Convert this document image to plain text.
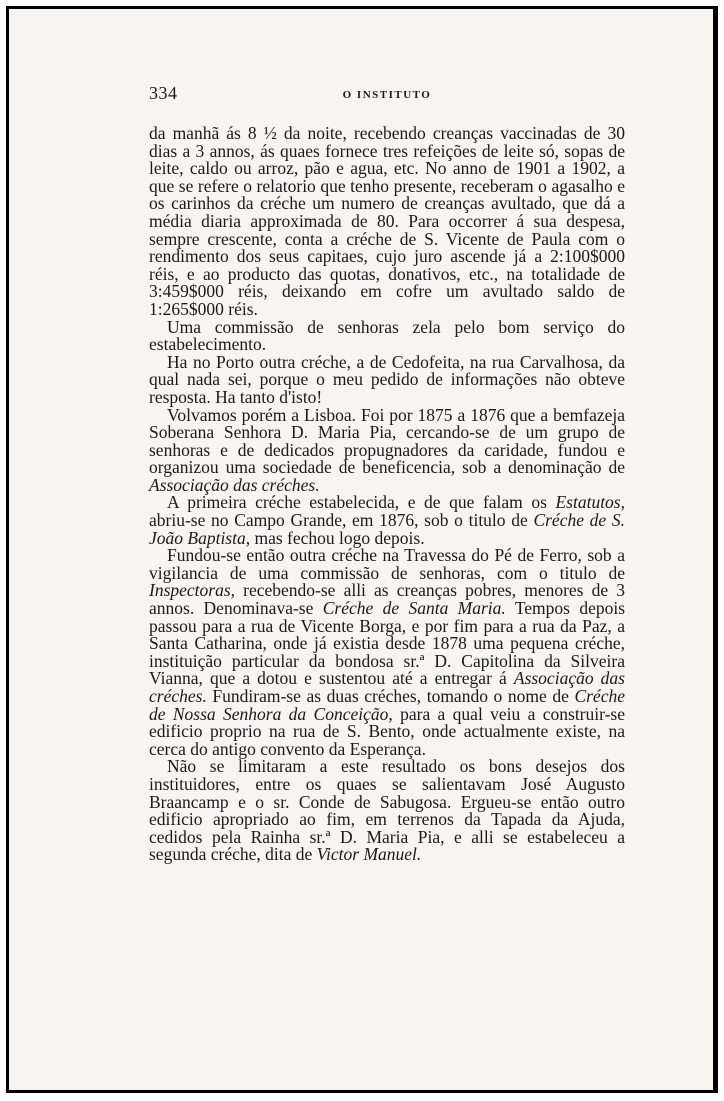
334	O INSTITUTO

da manhã ás 8 ½ da noite, recebendo creanças vaccinadas de 30 dias a 3 annos, ás quaes fornece tres refeições de leite só, sopas de leite, caldo ou arroz, pão e agua, etc. No anno de 1901 a 1902, a que se refere o relatorio que tenho presente, receberam o agasalho e os carinhos da créche um numero de creanças avultado, que dá a média diaria approximada de 80. Para occorrer á sua despesa, sempre crescente, conta a créche de S. Vicente de Paula com o rendimento dos seus capitaes, cujo juro ascende já a 2:100$000 réis, e ao producto das quotas, donativos, etc., na totalidade de 3:459$000 réis, deixando em cofre um avultado saldo de 1:265$000 réis.

Uma commissão de senhoras zela pelo bom serviço do estabelecimento.

Ha no Porto outra créche, a de Cedofeita, na rua Carvalhosa, da qual nada sei, porque o meu pedido de informações não obteve resposta. Ha tanto d'isto!

Volvamos porém a Lisboa. Foi por 1875 a 1876 que a bemfazeja Soberana Senhora D. Maria Pia, cercando-se de um grupo de senhoras e de dedicados propugnadores da caridade, fundou e organizou uma sociedade de beneficencia, sob a denominação de Associação das créches.

A primeira créche estabelecida, e de que falam os Estatutos, abriu-se no Campo Grande, em 1876, sob o titulo de Créche de S. João Baptista, mas fechou logo depois.

Fundou-se então outra créche na Travessa do Pé de Ferro, sob a vigilancia de uma commissão de senhoras, com o titulo de Inspectoras, recebendo-se alli as creanças pobres, menores de 3 annos. Denominava-se Créche de Santa Maria. Tempos depois passou para a rua de Vicente Borga, e por fim para a rua da Paz, a Santa Catharina, onde já existia desde 1878 uma pequena créche, instituição particular da bondosa sr.ª D. Capitolina da Silveira Vianna, que a dotou e sustentou até a entregar á Associação das créches. Fundiram-se as duas créches, tomando o nome de Créche de Nossa Senhora da Conceição, para a qual veiu a construir-se edificio proprio na rua de S. Bento, onde actualmente existe, na cerca do antigo convento da Esperança.

Não se limitaram a este resultado os bons desejos dos instituidores, entre os quaes se salientavam José Augusto Braancamp e o sr. Conde de Sabugosa. Ergueu-se então outro edificio apropriado ao fim, em terrenos da Tapada da Ajuda, cedidos pela Rainha sr.ª D. Maria Pia, e alli se estabeleceu a segunda créche, dita de Victor Manuel.
